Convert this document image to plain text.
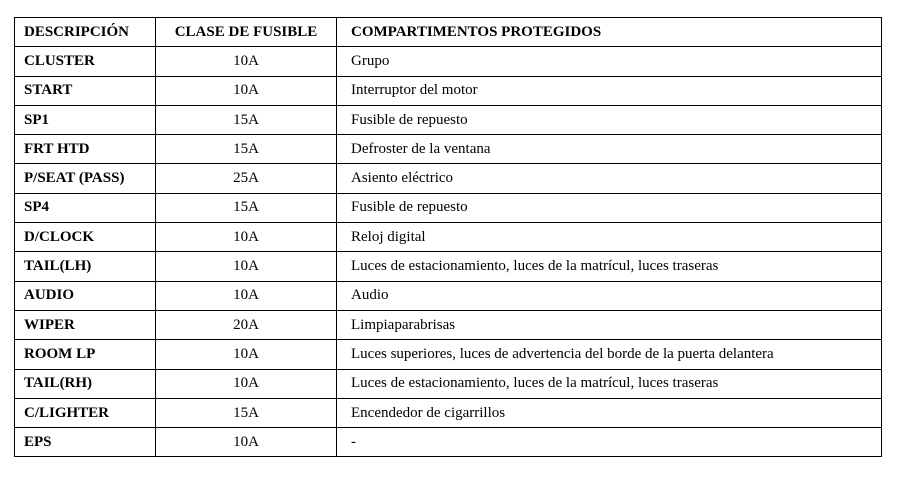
DESCRIPCIÓN	CLASE DE FUSIBLE	COMPARTIMENTOS PROTEGIDOS
CLUSTER	10A	Grupo
START	10A	Interruptor del motor
SP1	15A	Fusible de repuesto
FRT HTD	15A	Defroster de la ventana
P/SEAT (PASS)	25A	Asiento eléctrico
SP4	15A	Fusible de repuesto
D/CLOCK	10A	Reloj digital
TAIL(LH)	10A	Luces de estacionamiento, luces de la matrícul, luces traseras
AUDIO	10A	Audio
WIPER	20A	Limpiaparabrisas
ROOM LP	10A	Luces superiores, luces de advertencia del borde de la puerta delantera
TAIL(RH)	10A	Luces de estacionamiento, luces de la matrícul, luces traseras
C/LIGHTER	15A	Encendedor de cigarrillos
EPS	10A	-
